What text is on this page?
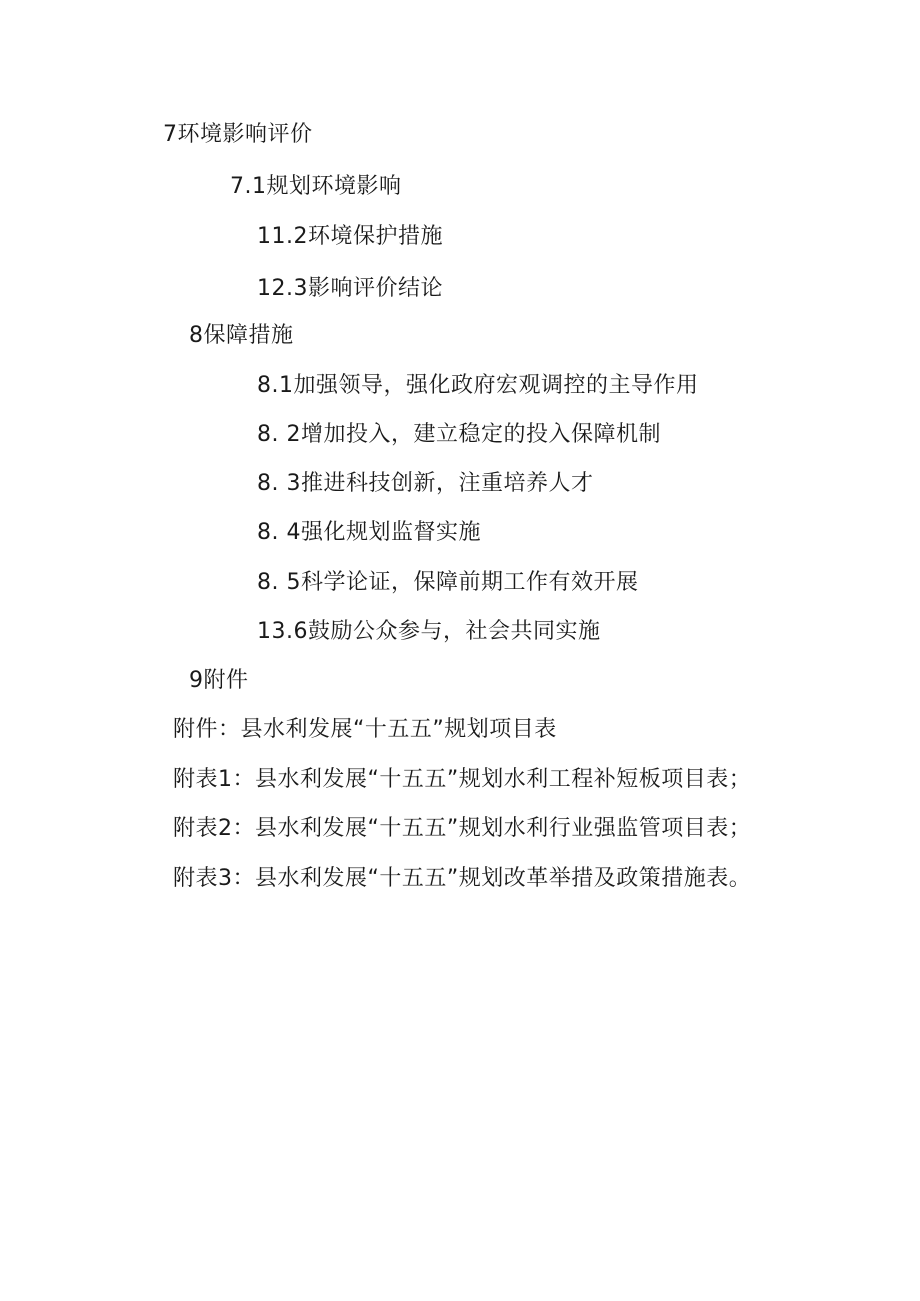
7环境影响评价
7.1规划环境影响
11.2环境保护措施
12.3影响评价结论
8保障措施
8.1加强领导，强化政府宏观调控的主导作用
8. 2增加投入，建立稳定的投入保障机制
8. 3推进科技创新，注重培养人才
8. 4强化规划监督实施
8. 5科学论证，保障前期工作有效开展
13.6鼓励公众参与，社会共同实施
9附件
附件：县水利发展“十五五”规划项目表
附表1：县水利发展“十五五”规划水利工程补短板项目表；
附表2：县水利发展“十五五”规划水利行业强监管项目表；
附表3：县水利发展“十五五”规划改革举措及政策措施表。
